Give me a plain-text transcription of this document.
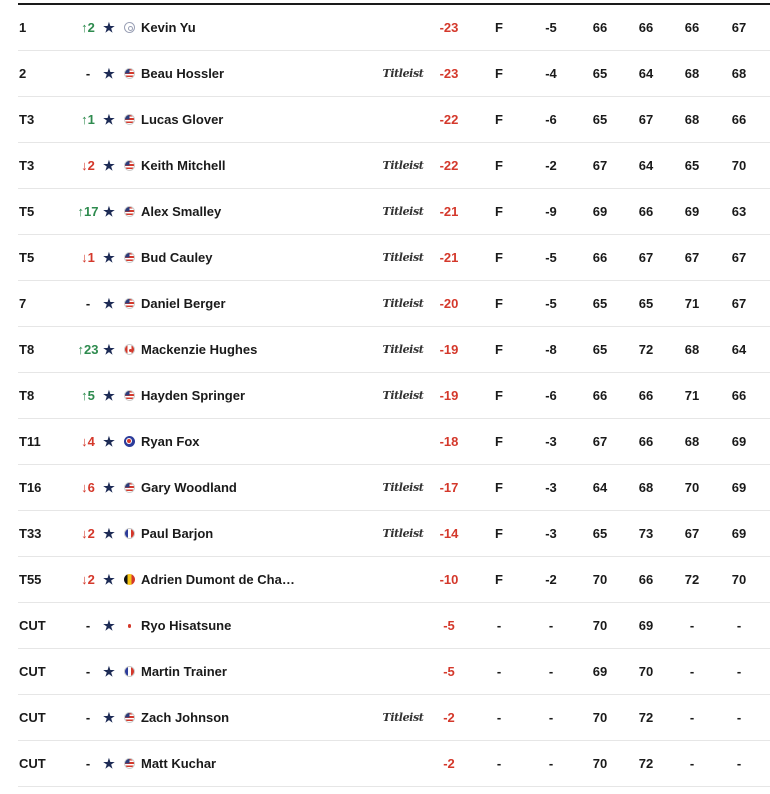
1	↑2 ★ Kevin Yu	-23	F	-5	66	66	66	67
2	-	★ Beau Hossler	Titleist	-23	F	-4	65	64	68	68
T3	↑1 ★ Lucas Glover	-22	F	-6	65	67	68	66
T3	↓2 ★ Keith Mitchell	Titleist	-22	F	-2	67	64	65	70
T5	↑17 ★ Alex Smalley	Titleist	-21	F	-9	69	66	69	63
T5	↓1 ★ Bud Cauley	Titleist	-21	F	-5	66	67	67	67
7	-	★ Daniel Berger	Titleist	-20	F	-5	65	65	71	67
T8	↑23 ★ Mackenzie Hughes	Titleist	-19	F	-8	65	72	68	64
T8	↑5 ★ Hayden Springer	Titleist	-19	F	-6	66	66	71	66
T11	↓4 ★ Ryan Fox	-18	F	-3	67	66	68	69
T16	↓6 ★ Gary Woodland	Titleist	-17	F	-3	64	68	70	69
T33	↓2 ★ Paul Barjon	Titleist	-14	F	-3	65	73	67	69
T55	↓2 ★ Adrien Dumont de Cha…	-10	F	-2	70	66	72	70
CUT	-	★ Ryo Hisatsune	-5	-	-	70	69	-	-
CUT	-	★ Martin Trainer	-5	-	-	69	70	-	-
CUT	-	★ Zach Johnson	Titleist	-2	-	-	70	72	-	-
CUT	-	★ Matt Kuchar	-2	-	-	70	72	-	-
